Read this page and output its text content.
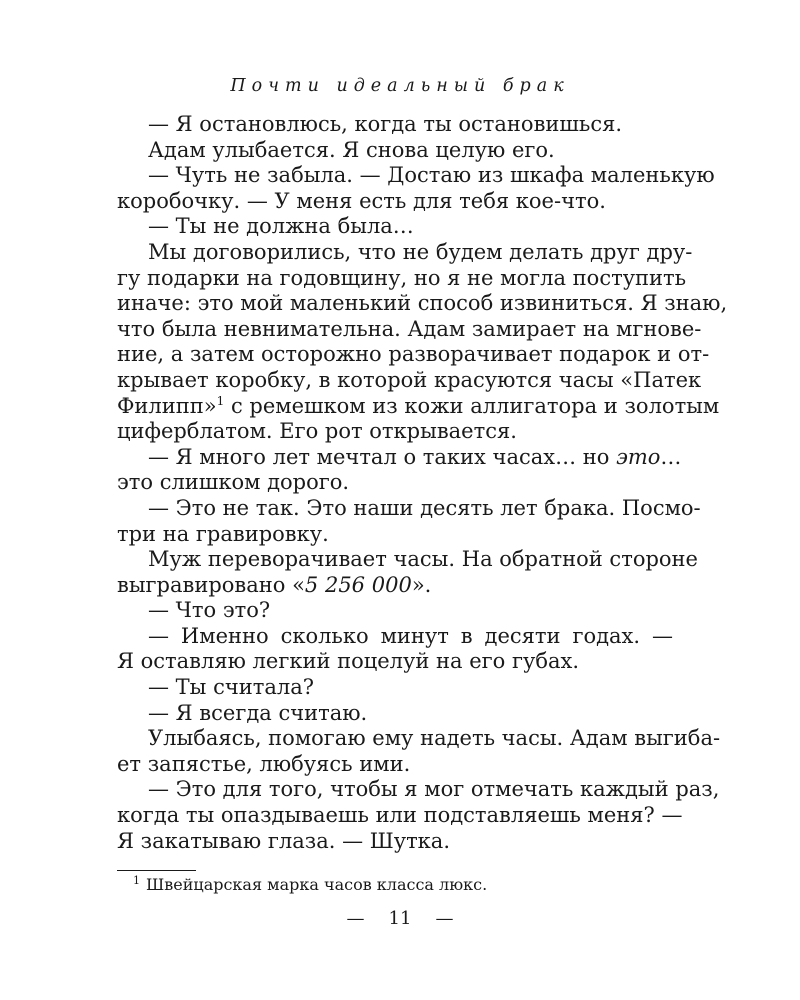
Почти идеальный брак
— Я остановлюсь, когда ты остановишься.
Адам улыбается. Я снова целую его.
— Чуть не забыла. — Достаю из шкафа маленькую
коробочку. — У меня есть для тебя кое-что.
— Ты не должна была…
Мы договорились, что не будем делать друг дру-
гу подарки на годовщину, но я не могла поступить
иначе: это мой маленький способ извиниться. Я знаю,
что была невнимательна. Адам замирает на мгнове-
ние, а затем осторожно разворачивает подарок и от-
крывает коробку, в которой красуются часы «Патек
Филипп»$^1$ с ремешком из кожи аллигатора и золотым
циферблатом. Его рот открывается.
— Я много лет мечтал о таких часах… но это…
это слишком дорого.
— Это не так. Это наши десять лет брака. Посмо-
три на гравировку.
Муж переворачивает часы. На обратной стороне
выгравировано «5 256 000».
— Что это?
— Именно сколько минут в десяти годах. —
Я оставляю легкий поцелуй на его губах.
— Ты считала?
— Я всегда считаю.
Улыбаясь, помогаю ему надеть часы. Адам выгиба-
ет запястье, любуясь ими.
— Это для того, чтобы я мог отмечать каждый раз,
когда ты опаздываешь или подставляешь меня? —
Я закатываю глаза. — Шутка.
$^1$ Швейцарская марка часов класса люкс.
— 11 —
